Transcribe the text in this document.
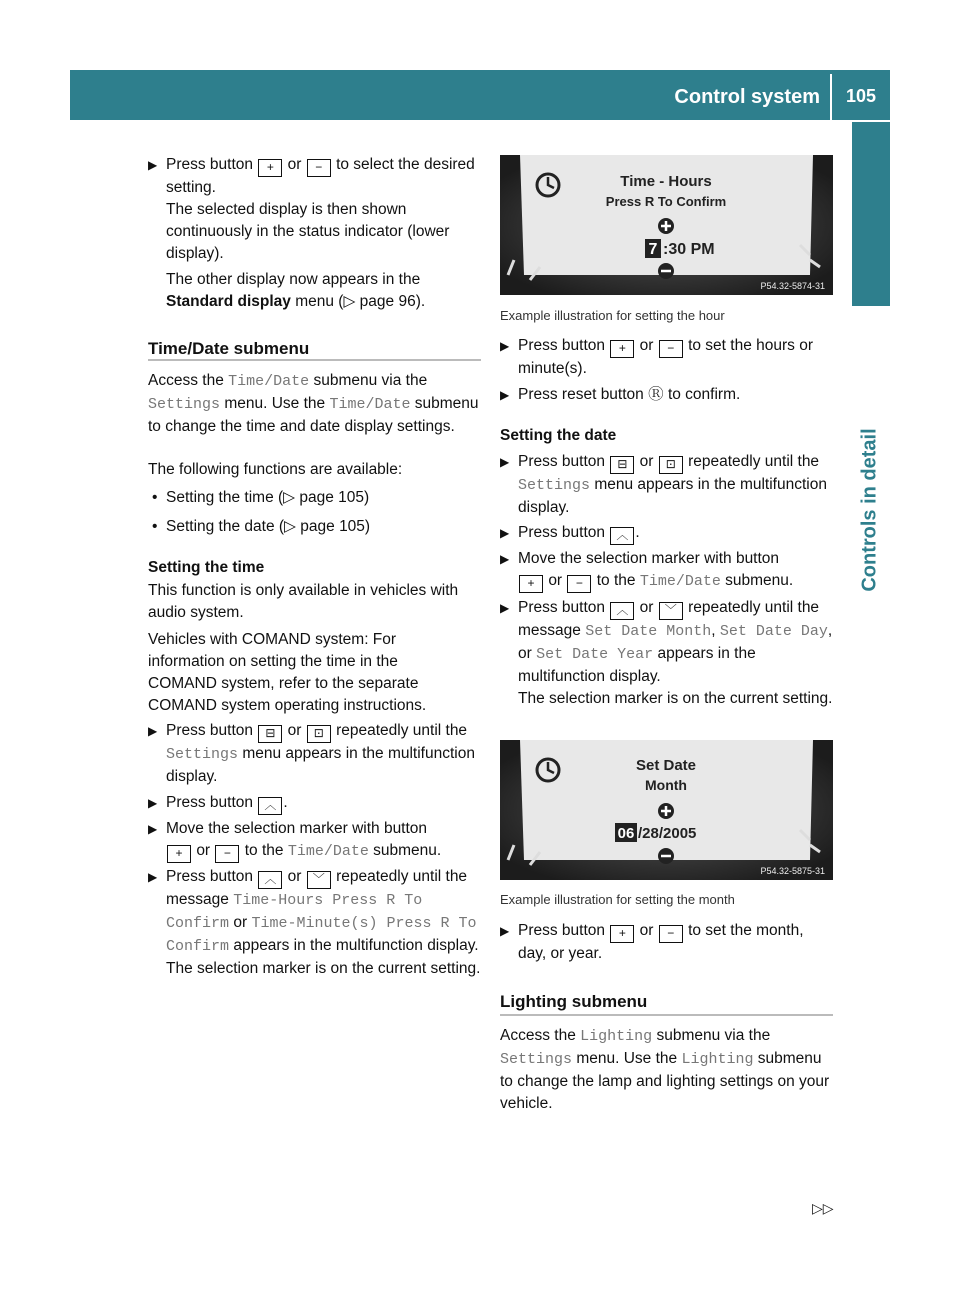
Control system 105
Controls in detail
▶ Press button + or − to select the desired setting.
The selected display is then shown continuously in the status indicator (lower display).

The other display now appears in the Standard display menu (▷ page 96).

Time/Date submenu
Access the Time/Date submenu via the Settings menu. Use the Time/Date submenu to change the time and date display settings.
The following functions are available:
• Setting the time (▷ page 105)
• Setting the date (▷ page 105)
Setting the time
This function is only available in vehicles with audio system.
Vehicles with COMAND system: For information on setting the time in the COMAND system, refer to the separate COMAND system operating instructions.
▶ Press button ⊟ or ⊡ repeatedly until the Settings menu appears in the multifunction display.
▶ Press button ︿ .
▶ Move the selection marker with button
+ or − to the Time/Date submenu.
▶ Press button ︿ or ﹀ repeatedly until the message Time-Hours Press R To Confirm or Time-Minute(s) Press R To Confirm appears in the multifunction display.
The selection marker is on the current setting.
Time - Hours
Press R To Confirm
7 :30 PM
P54.32-5874-31
Example illustration for setting the hour
▶ Press button + or − to set the hours or minute(s).
▶ Press reset button Ⓡ to confirm.
Setting the date
▶ Press button ⊟ or ⊡ repeatedly until the Settings menu appears in the multifunction display.
▶ Press button ︿ .
▶ Move the selection marker with button
+ or − to the Time/Date submenu.
▶ Press button ︿ or ﹀ repeatedly until the message Set Date Month, Set Date Day, or Set Date Year appears in the multifunction display.
The selection marker is on the current setting.
Set Date
Month
06 /28/2005
P54.32-5875-31
Example illustration for setting the month
▶ Press button + or − to set the month, day, or year.
Lighting submenu
Access the Lighting submenu via the Settings menu. Use the Lighting submenu to change the lamp and lighting settings on your vehicle.
▷▷
